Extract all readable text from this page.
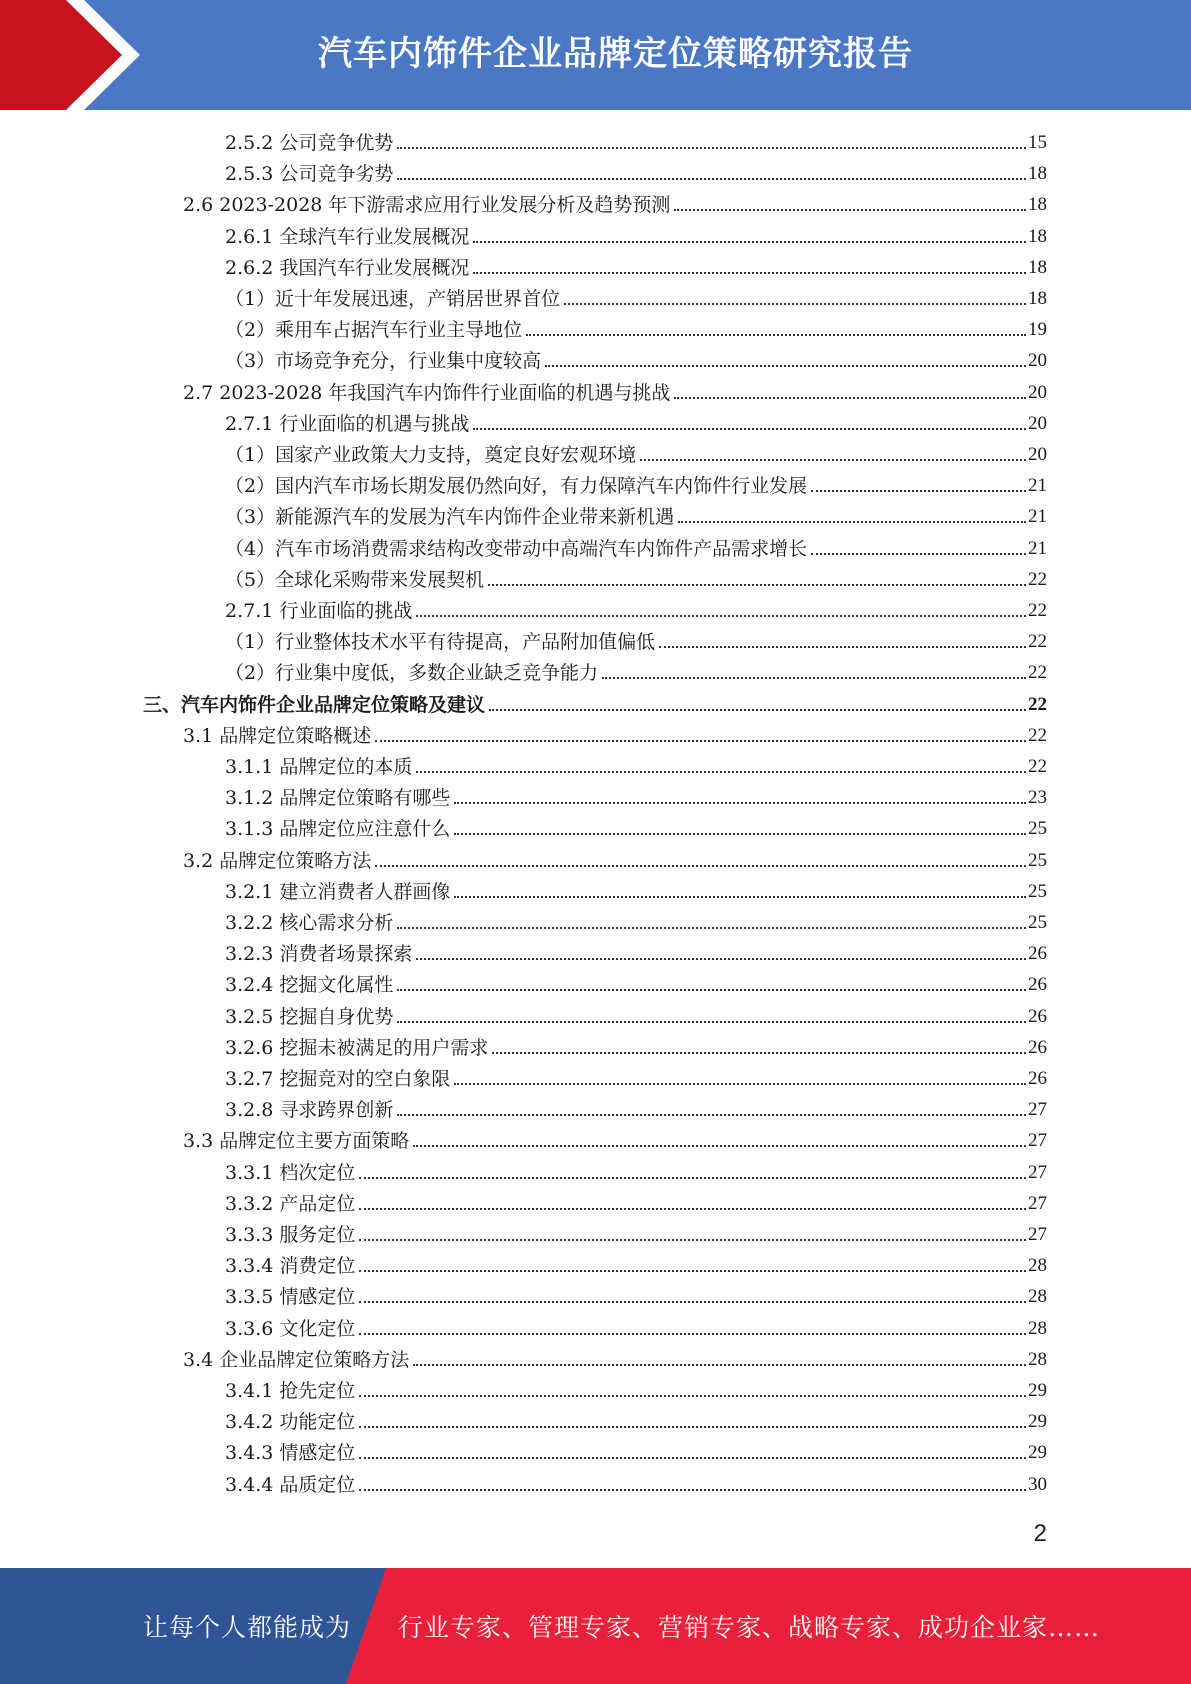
汽车内饰件企业品牌定位策略研究报告
2.5.2 公司竞争优势	15
2.5.3 公司竞争劣势	18
2.6 2023-2028 年下游需求应用行业发展分析及趋势预测	18
2.6.1 全球汽车行业发展概况	18
2.6.2 我国汽车行业发展概况	18
（1）近十年发展迅速，产销居世界首位	18
（2）乘用车占据汽车行业主导地位	19
（3）市场竞争充分，行业集中度较高	20
2.7 2023-2028 年我国汽车内饰件行业面临的机遇与挑战	20
2.7.1 行业面临的机遇与挑战	20
（1）国家产业政策大力支持，奠定良好宏观环境	20
（2）国内汽车市场长期发展仍然向好，有力保障汽车内饰件行业发展	21
（3）新能源汽车的发展为汽车内饰件企业带来新机遇	21
（4）汽车市场消费需求结构改变带动中高端汽车内饰件产品需求增长	21
（5）全球化采购带来发展契机	22
2.7.1 行业面临的挑战	22
（1）行业整体技术水平有待提高，产品附加值偏低	22
（2）行业集中度低，多数企业缺乏竞争能力	22
三、汽车内饰件企业品牌定位策略及建议	22
3.1 品牌定位策略概述	22
3.1.1 品牌定位的本质	22
3.1.2 品牌定位策略有哪些	23
3.1.3 品牌定位应注意什么	25
3.2 品牌定位策略方法	25
3.2.1 建立消费者人群画像	25
3.2.2 核心需求分析	25
3.2.3 消费者场景探索	26
3.2.4 挖掘文化属性	26
3.2.5 挖掘自身优势	26
3.2.6 挖掘未被满足的用户需求	26
3.2.7 挖掘竞对的空白象限	26
3.2.8 寻求跨界创新	27
3.3 品牌定位主要方面策略	27
3.3.1 档次定位	27
3.3.2 产品定位	27
3.3.3 服务定位	27
3.3.4 消费定位	28
3.3.5 情感定位	28
3.3.6 文化定位	28
3.4 企业品牌定位策略方法	28
3.4.1 抢先定位	29
3.4.2 功能定位	29
3.4.3 情感定位	29
3.4.4 品质定位	30
2
让每个人都能成为 行业专家、管理专家、营销专家、战略专家、成功企业家……
